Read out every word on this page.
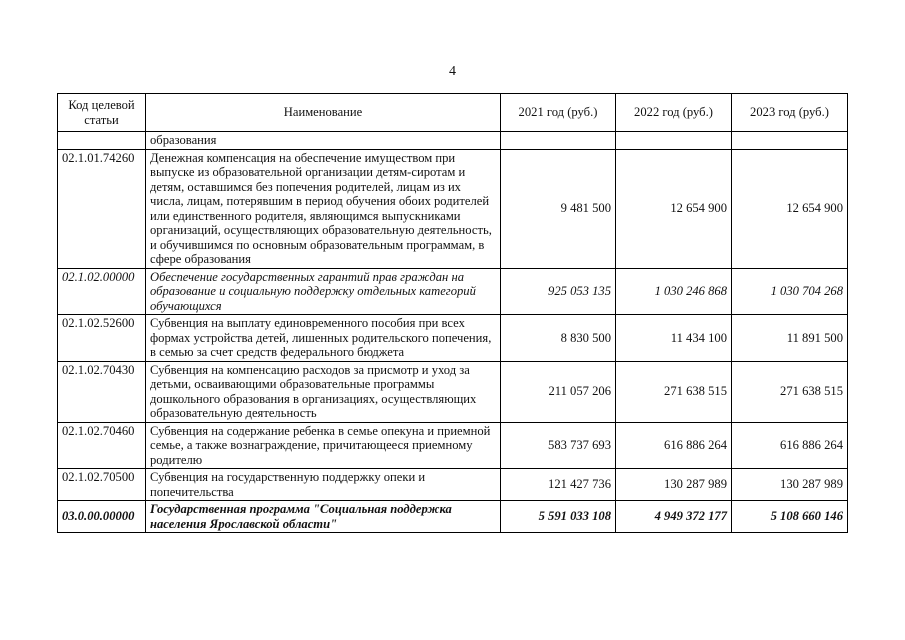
4
Код целевой статьи	Наименование	2021 год (руб.)	2022 год (руб.)	2023 год (руб.)
	образования			
02.1.01.74260	Денежная компенсация на обеспечение имуществом при выпуске из образовательной организации детям-сиротам и детям, оставшимся без попечения родителей, лицам из их числа, лицам, потерявшим в период обучения обоих родителей или единственного родителя, являющимся выпускниками организаций, осуществляющих образовательную деятельность, и обучившимся по основным образовательным программам, в сфере образования	9 481 500	12 654 900	12 654 900
02.1.02.00000	Обеспечение государственных гарантий прав граждан на образование и социальную поддержку отдельных категорий обучающихся	925 053 135	1 030 246 868	1 030 704 268
02.1.02.52600	Субвенция на выплату единовременного пособия при всех формах устройства детей, лишенных родительского попечения, в семью за счет средств федерального бюджета	8 830 500	11 434 100	11 891 500
02.1.02.70430	Субвенция на компенсацию расходов за присмотр и уход за детьми, осваивающими образовательные программы дошкольного образования в организациях, осуществляющих образовательную деятельность	211 057 206	271 638 515	271 638 515
02.1.02.70460	Субвенция на содержание ребенка в семье опекуна и приемной семье, а также вознаграждение, причитающееся приемному родителю	583 737 693	616 886 264	616 886 264
02.1.02.70500	Субвенция на государственную поддержку опеки и попечительства	121 427 736	130 287 989	130 287 989
03.0.00.00000	Государственная программа "Социальная поддержка населения Ярославской области"	5 591 033 108	4 949 372 177	5 108 660 146
